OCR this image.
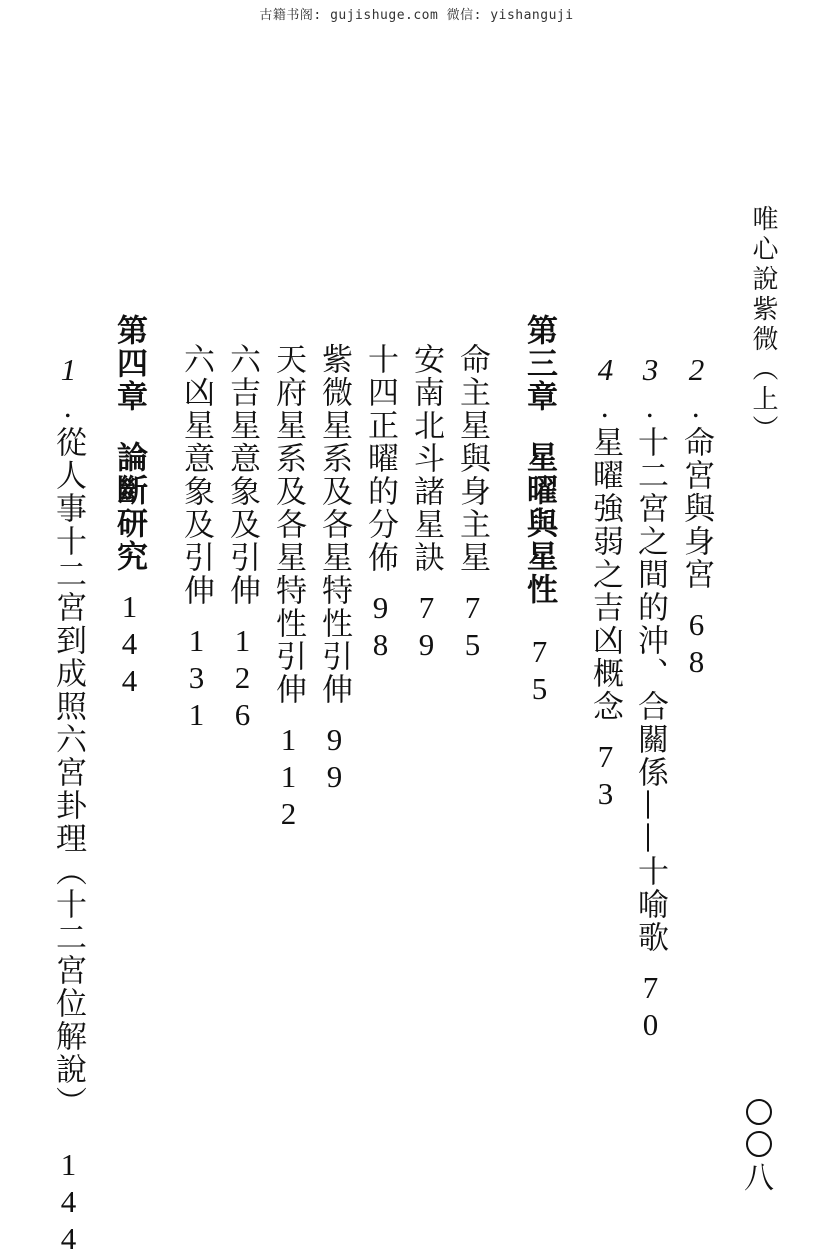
古籍书阁: gujishuge.com 微信: yishanguji
唯心說紫微（上）
2.命宮與身宮68
3.十二宮之間的沖、合關係——十喻歌70
4.星曜強弱之吉凶概念73
第三章星曜與星性75
命主星與身主星75
安南北斗諸星訣79
十四正曜的分佈98
紫微星系及各星特性引伸99
天府星系及各星特性引伸112
六吉星意象及引伸126
六凶星意象及引伸131
第四章論斷研究144
1.從人事十二宮到成照六宮卦理（十二宮位解說）144	八
